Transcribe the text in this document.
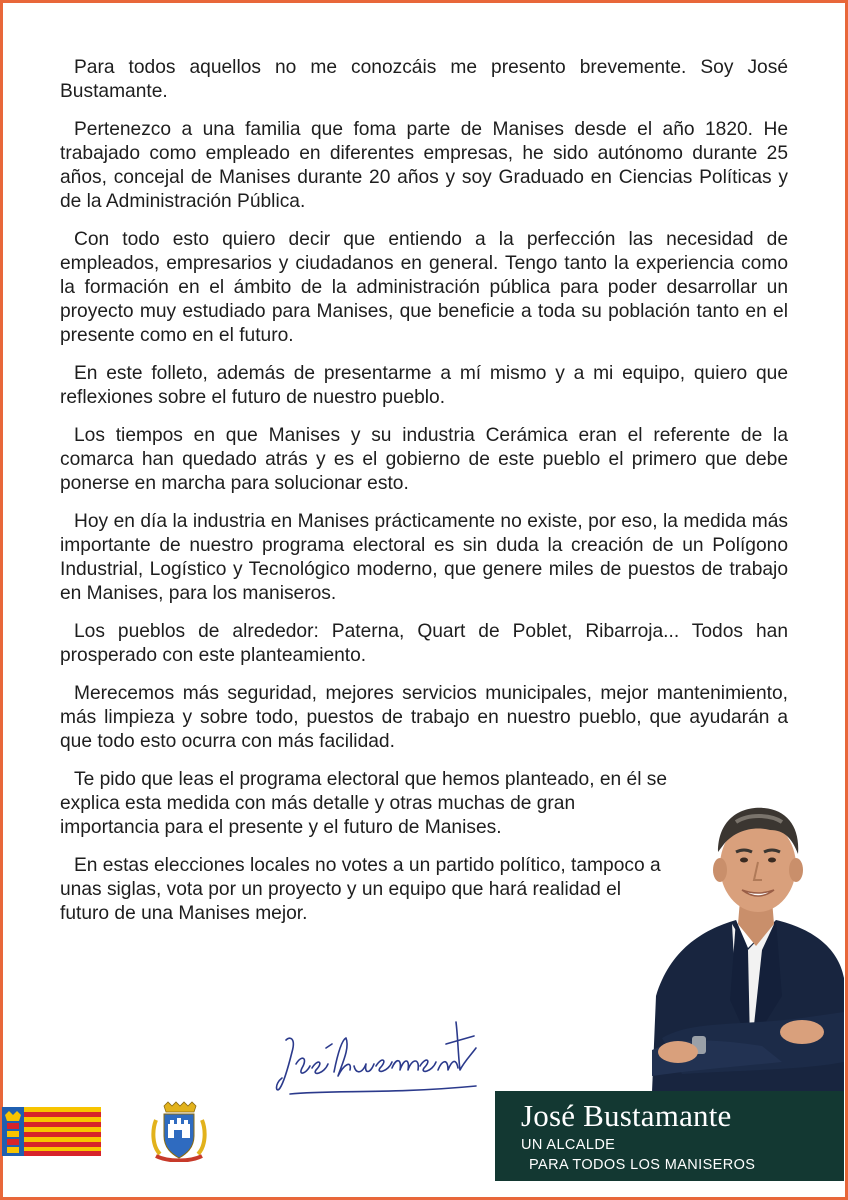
Para todos aquellos no me conozcáis me presento brevemente. Soy José Bustamante.

Pertenezco a una familia que foma parte de Manises desde el año 1820. He trabajado como empleado en diferentes empresas, he sido autónomo durante 25 años, concejal de Manises durante 20 años y soy Graduado en Ciencias Políticas y de la Administración Pública.

Con todo esto quiero decir que entiendo a la perfección las necesidad de empleados, empresarios y ciudadanos en general. Tengo tanto la experiencia como la formación en el ámbito de la administración pública para poder desarrollar un proyecto muy estudiado para Manises, que beneficie a toda su población tanto en el presente como en el futuro.

En este folleto, además de presentarme a mí mismo y a mi equipo, quiero que reflexiones sobre el futuro de nuestro pueblo.

Los tiempos en que Manises y su industria Cerámica eran el referente de la comarca han quedado atrás y es el gobierno de este pueblo el primero que debe ponerse en marcha para solucionar esto.

Hoy en día la industria en Manises prácticamente no existe, por eso, la medida más importante de nuestro programa electoral es sin duda la creación de un Polígono Industrial, Logístico y Tecnológico moderno, que genere miles de puestos de trabajo en Manises, para los maniseros.

Los pueblos de alrededor: Paterna, Quart de Poblet, Ribarroja... Todos han prosperado con este planteamiento.

Merecemos más seguridad, mejores servicios municipales, mejor mantenimiento, más limpieza y sobre todo, puestos de trabajo en nuestro pueblo, que ayudarán a que todo esto ocurra con más facilidad.

Te pido que leas el programa electoral que hemos planteado, en él se explica esta medida con más detalle y otras muchas de gran importancia para el presente y el futuro de Manises.

En estas elecciones locales no votes a un partido político, tampoco a unas siglas, vota por un proyecto y un equipo que hará realidad el futuro de una Manises mejor.

José Bustamante
UN ALCALDE
PARA TODOS LOS MANISEROS
